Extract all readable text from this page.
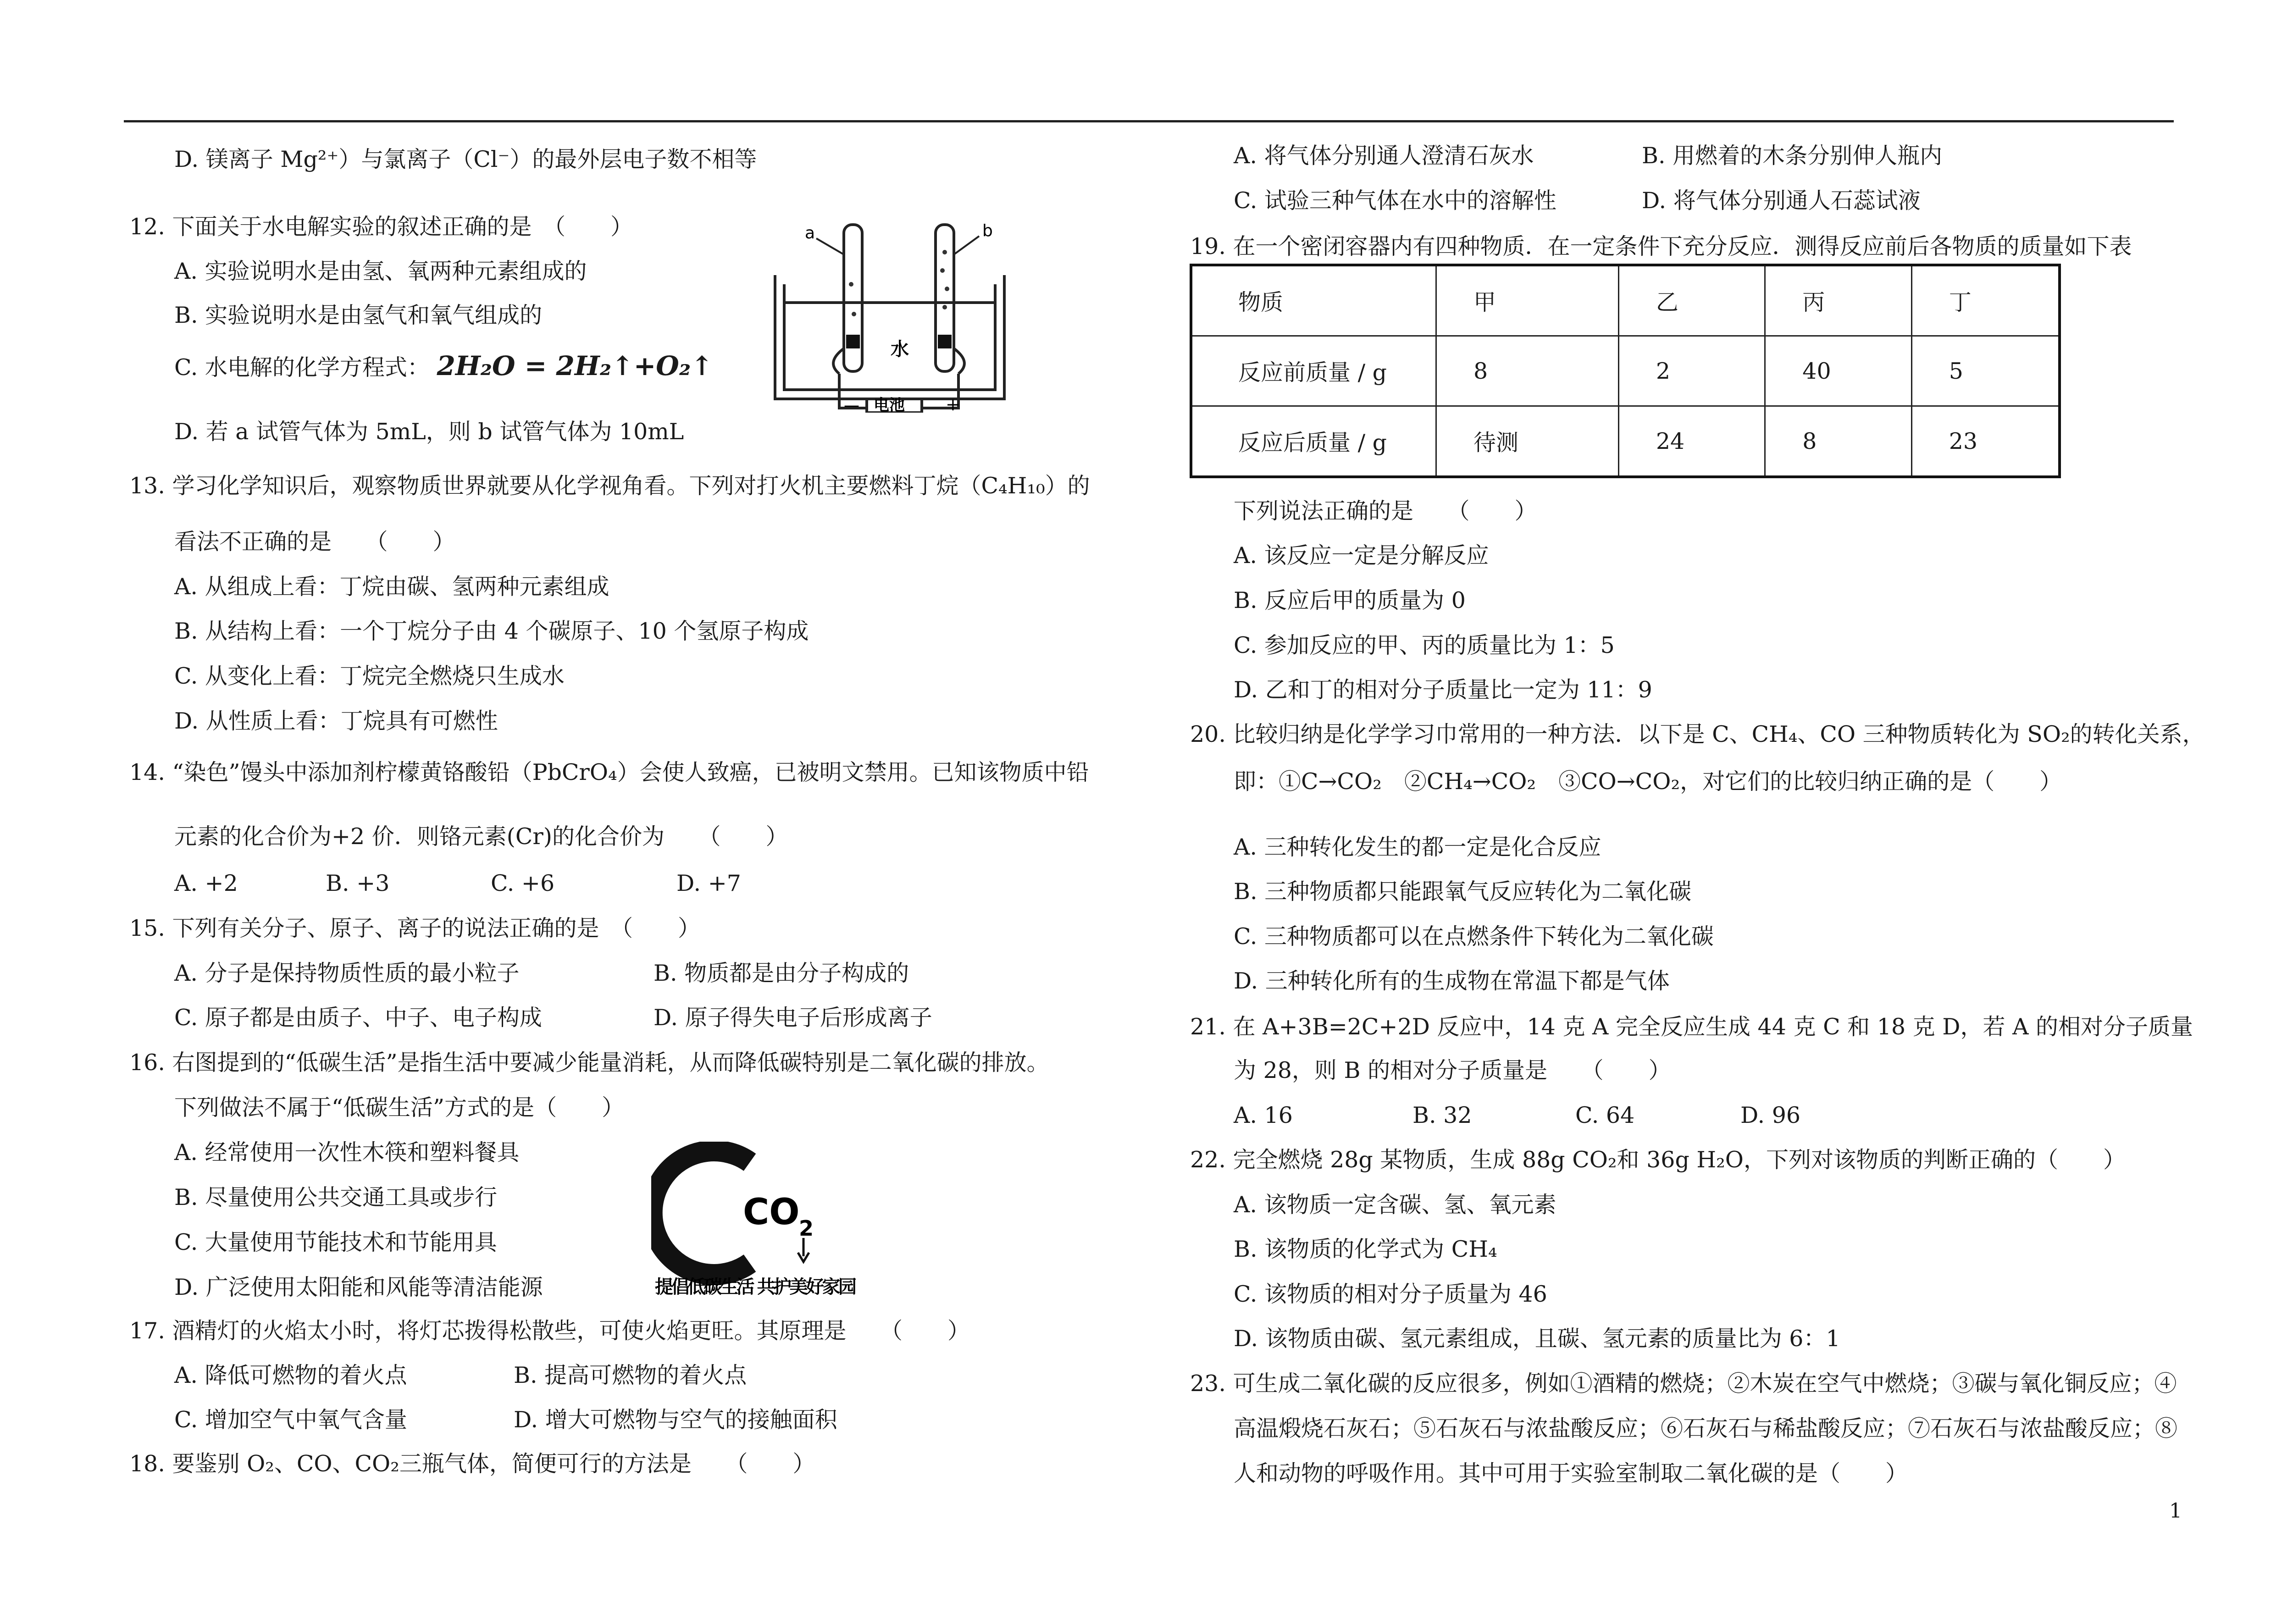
D. 镁离子 Mg²⁺）与氯离子（Cl⁻）的最外层电子数不相等
12. 下面关于水电解实验的叙述正确的是　（　　）
A. 实验说明水是由氢、氧两种元素组成的
B. 实验说明水是由氢气和氧气组成的
C. 水电解的化学方程式： 2H₂O = 2H₂↑+O₂↑
D. 若 a 试管气体为 5mL，则 b 试管气体为 10mL
a	b
水
电池
—	+
13. 学习化学知识后，观察物质世界就要从化学视角看。下列对打火机主要燃料丁烷（C₄H₁₀）的
看法不正确的是　　（　　）
A. 从组成上看：丁烷由碳、氢两种元素组成
B. 从结构上看：一个丁烷分子由 4 个碳原子、10 个氢原子构成
C. 从变化上看：丁烷完全燃烧只生成水
D. 从性质上看：丁烷具有可燃性
14. “染色”馒头中添加剂柠檬黄铬酸铅（PbCrO₄）会使人致癌，已被明文禁用。已知该物质中铅
元素的化合价为+2 价．则铬元素(Cr)的化合价为　　（　　）
A. +2	B. +3	C. +6	D. +7
15. 下列有关分子、原子、离子的说法正确的是　（　　）
A. 分子是保持物质性质的最小粒子	B. 物质都是由分子构成的
C. 原子都是由质子、中子、电子构成	D. 原子得失电子后形成离子
16. 右图提到的“低碳生活”是指生活中要减少能量消耗，从而降低碳特别是二氧化碳的排放。
下列做法不属于“低碳生活”方式的是（　　）
A. 经常使用一次性木筷和塑料餐具
B. 尽量使用公共交通工具或步行
C. 大量使用节能技术和节能用具
D. 广泛使用太阳能和风能等清洁能源
CO
2
提倡低碳生活 共护美好家园
17. 酒精灯的火焰太小时，将灯芯拨得松散些，可使火焰更旺。其原理是　　（　　）
A. 降低可燃物的着火点	B. 提高可燃物的着火点
C. 增加空气中氧气含量	D. 增大可燃物与空气的接触面积
18. 要鉴别 O₂、CO、CO₂三瓶气体，简便可行的方法是　　（　　）
A. 将气体分别通人澄清石灰水	B. 用燃着的木条分别伸人瓶内
C. 试验三种气体在水中的溶解性	D. 将气体分别通人石蕊试液
19. 在一个密闭容器内有四种物质．在一定条件下充分反应．测得反应前后各物质的质量如下表
物质	甲	乙	丙	丁
反应前质量 / g	8	2	40	5
反应后质量 / g	待测	24	8	23
下列说法正确的是　　（　　）
A. 该反应一定是分解反应
B. 反应后甲的质量为 0
C. 参加反应的甲、丙的质量比为 1：5
D. 乙和丁的相对分子质量比一定为 11：9
20. 比较归纳是化学学习巾常用的一种方法．以下是 C、CH₄、CO 三种物质转化为 SO₂的转化关系，
即：①C→CO₂　②CH₄→CO₂　③CO→CO₂，对它们的比较归纳正确的是（　　）
A. 三种转化发生的都一定是化合反应
B. 三种物质都只能跟氧气反应转化为二氧化碳
C. 三种物质都可以在点燃条件下转化为二氧化碳
D. 三种转化所有的生成物在常温下都是气体
21. 在 A+3B=2C+2D 反应中，14 克 A 完全反应生成 44 克 C 和 18 克 D，若 A 的相对分子质量
为 28，则 B 的相对分子质量是　　（　　）
A. 16	B. 32	C. 64	D. 96
22. 完全燃烧 28g 某物质，生成 88g CO₂和 36g H₂O，下列对该物质的判断正确的（　　）
A. 该物质一定含碳、氢、氧元素
B. 该物质的化学式为 CH₄
C. 该物质的相对分子质量为 46
D. 该物质由碳、氢元素组成，且碳、氢元素的质量比为 6：1
23. 可生成二氧化碳的反应很多，例如①酒精的燃烧；②木炭在空气中燃烧；③碳与氧化铜反应；④
高温煅烧石灰石；⑤石灰石与浓盐酸反应；⑥石灰石与稀盐酸反应；⑦石灰石与浓盐酸反应；⑧
人和动物的呼吸作用。其中可用于实验室制取二氧化碳的是（　　）
1
